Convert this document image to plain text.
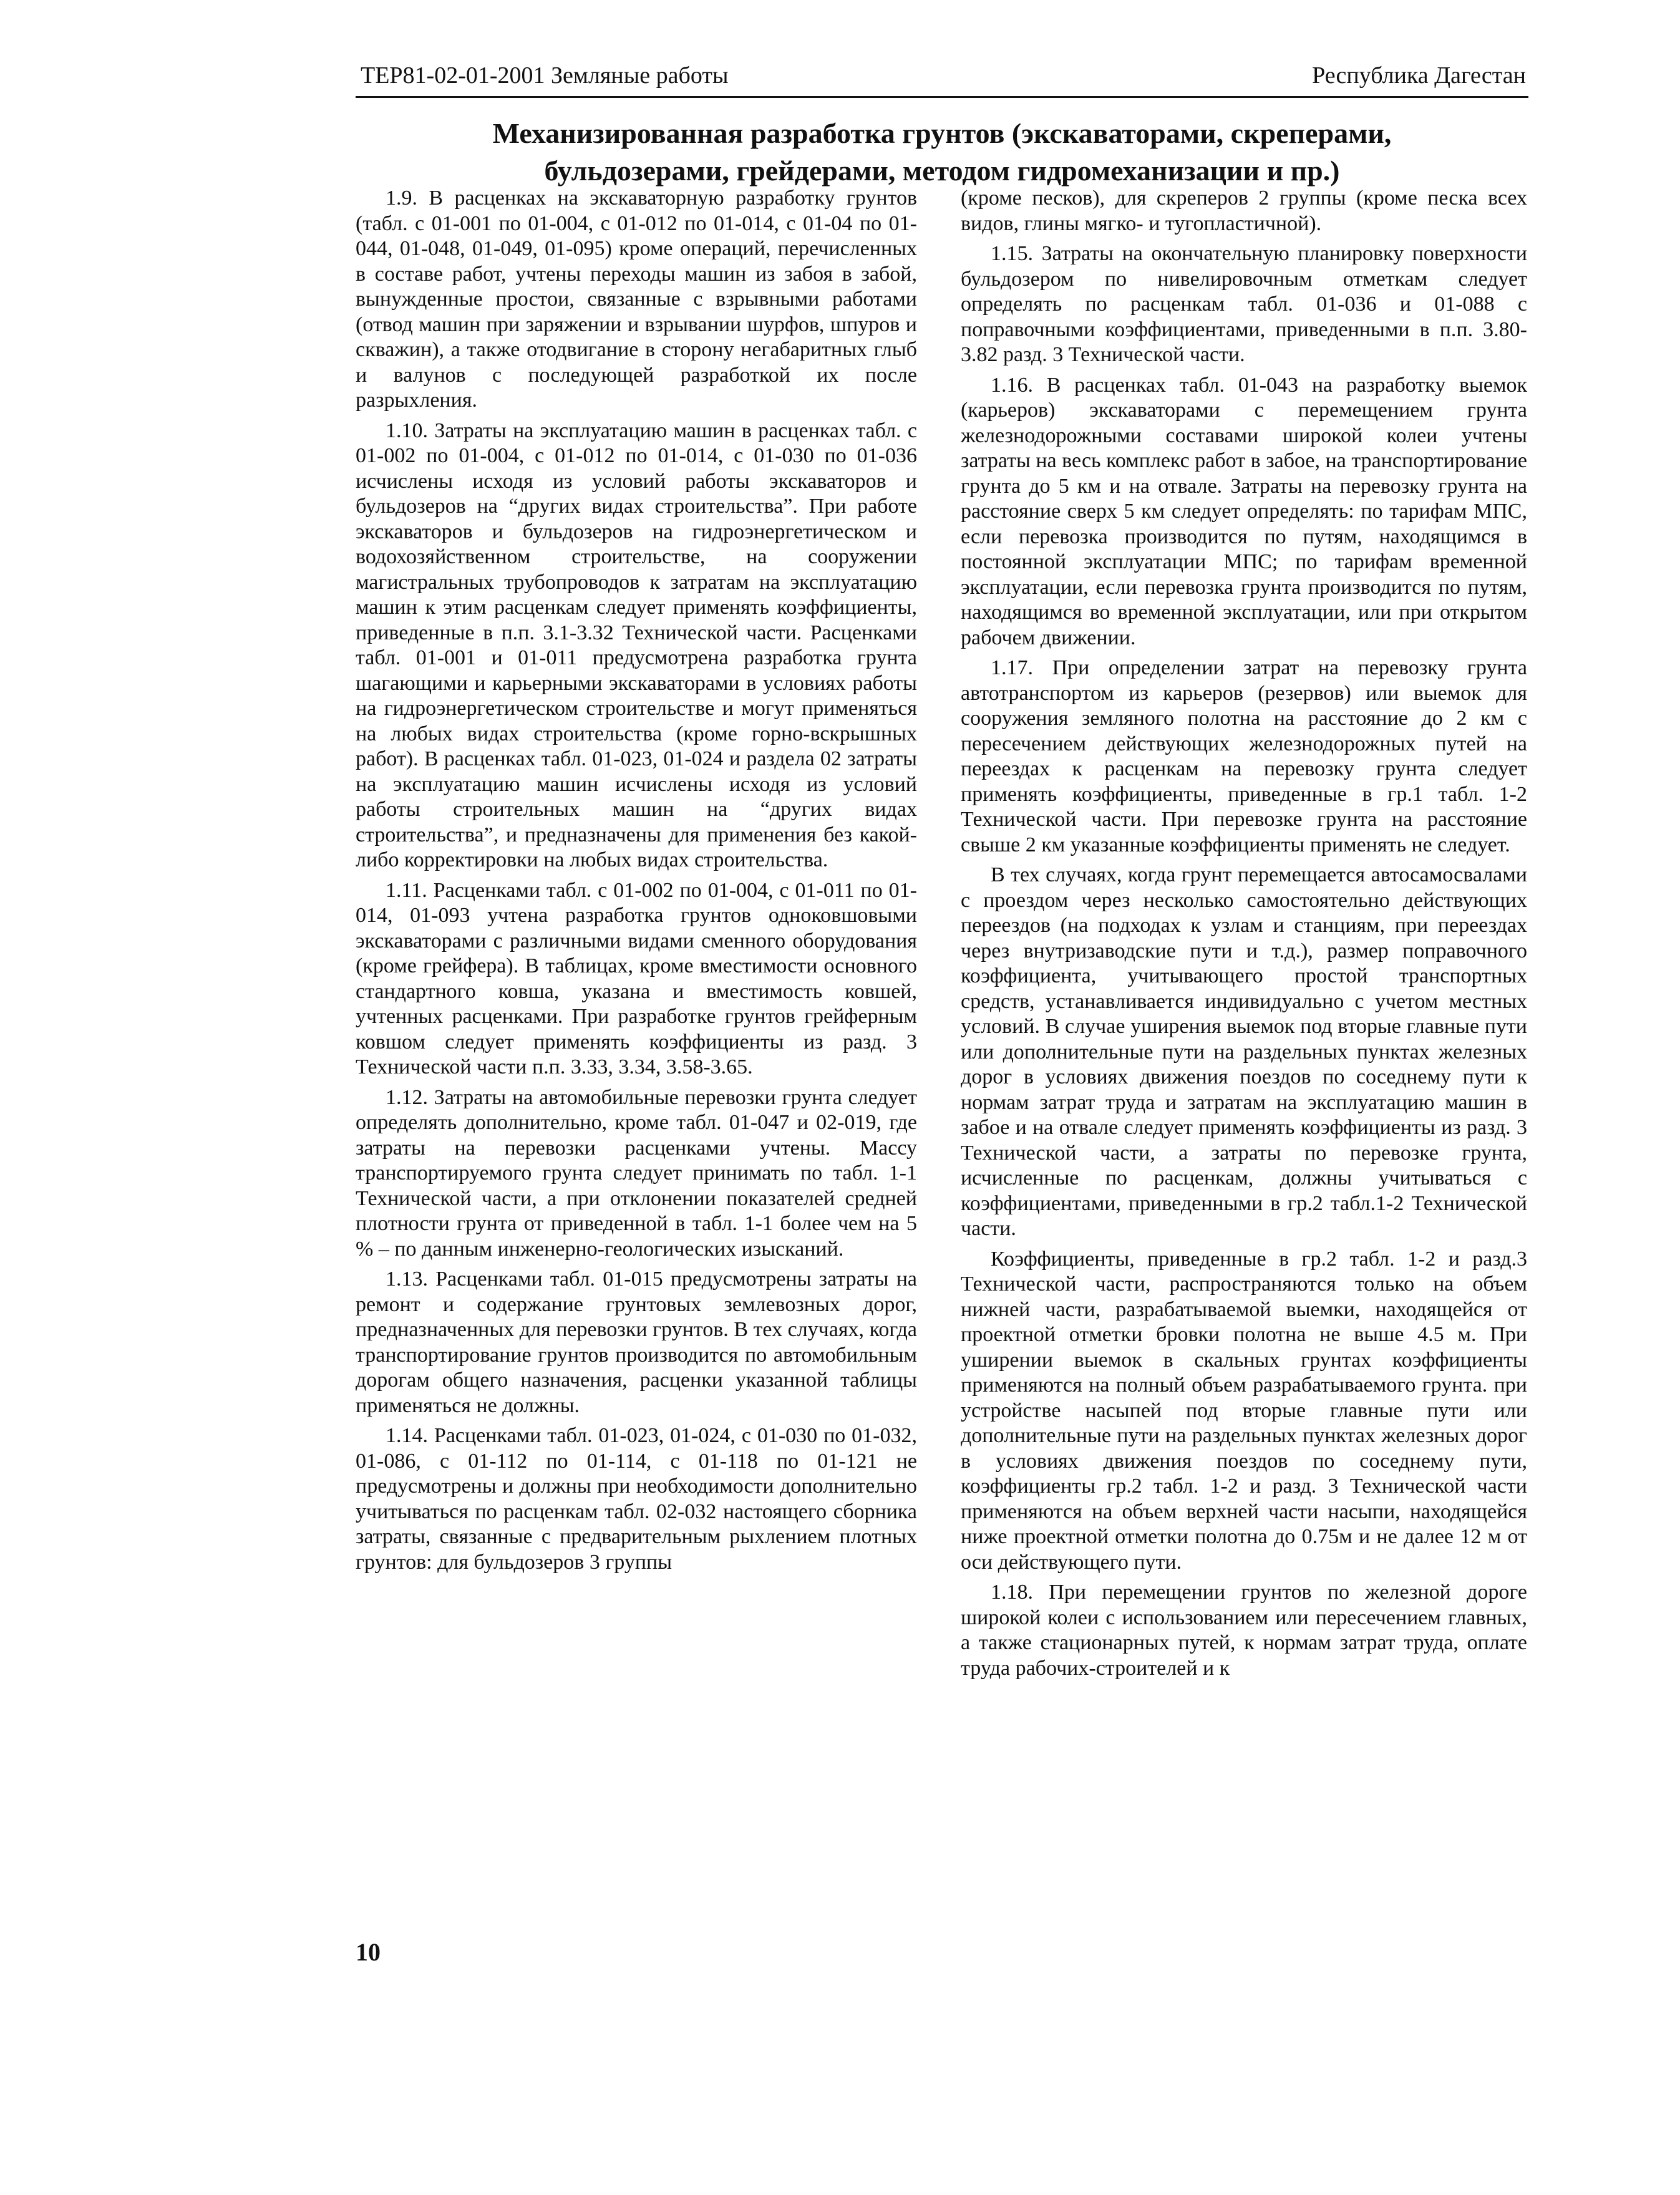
ТЕР81-02-01-2001 Земляные работы	Республика Дагестан
Механизированная разработка грунтов (экскаваторами, скреперами,
бульдозерами, грейдерами, методом гидромеханизации и пр.)

1.9. В расценках на экскаваторную разработку грунтов (табл. с 01-001 по 01-004, с 01-012 по 01-014, с 01-04 по 01-044, 01-048, 01-049, 01-095) кроме операций, перечисленных в составе работ, учтены переходы машин из забоя в забой, вынужденные простои, связанные с взрывными работами (отвод машин при заряжении и взрывании шурфов, шпуров и скважин), а также отодвигание в сторону негабаритных глыб и валунов с последующей разработкой их после разрыхления.

1.10. Затраты на эксплуатацию машин в расценках табл. с 01-002 по 01-004, с 01-012 по 01-014, с 01-030 по 01-036 исчислены исходя из условий работы экскаваторов и бульдозеров на “других видах строительства”. При работе экскаваторов и бульдозеров на гидроэнергетическом и водохозяйственном строительстве, на сооружении магистральных трубопроводов к затратам на эксплуатацию машин к этим расценкам следует применять коэффициенты, приведенные в п.п. 3.1-3.32 Технической части. Расценками табл. 01-001 и 01-011 предусмотрена разработка грунта шагающими и карьерными экскаваторами в условиях работы на гидроэнергетическом строительстве и могут применяться на любых видах строительства (кроме горно-вскрышных работ). В расценках табл. 01-023, 01-024 и раздела 02 затраты на эксплуатацию машин исчислены исходя из условий работы строительных машин на “других видах строительства”, и предназначены для применения без какой-либо корректировки на любых видах строительства.

1.11. Расценками табл. с 01-002 по 01-004, с 01-011 по 01-014, 01-093 учтена разработка грунтов одноковшовыми экскаваторами с различными видами сменного оборудования (кроме грейфера). В таблицах, кроме вместимости основного стандартного ковша, указана и вместимость ковшей, учтенных расценками. При разработке грунтов грейферным ковшом следует применять коэффициенты из разд. 3 Технической части п.п. 3.33, 3.34, 3.58-3.65.

1.12. Затраты на автомобильные перевозки грунта следует определять дополнительно, кроме табл. 01-047 и 02-019, где затраты на перевозки расценками учтены. Массу транспортируемого грунта следует принимать по табл. 1-1 Технической части, а при отклонении показателей средней плотности грунта от приведенной в табл. 1-1 более чем на 5 % – по данным инженерно-геологических изысканий.

1.13. Расценками табл. 01-015 предусмотрены затраты на ремонт и содержание грунтовых землевозных дорог, предназначенных для перевозки грунтов. В тех случаях, когда транспортирование грунтов производится по автомобильным дорогам общего назначения, расценки указанной таблицы применяться не должны.

1.14. Расценками табл. 01-023, 01-024, с 01-030 по 01-032, 01-086, с 01-112 по 01-114, с 01-118 по 01-121 не предусмотрены и должны при необходимости дополнительно учитываться по расценкам табл. 02-032 настоящего сборника затраты, связанные с предварительным рыхлением плотных грунтов: для бульдозеров 3 группы

(кроме песков), для скреперов 2 группы (кроме песка всех видов, глины мягко- и тугопластичной).

1.15. Затраты на окончательную планировку поверхности бульдозером по нивелировочным отметкам следует определять по расценкам табл. 01-036 и 01-088 с поправочными коэффициентами, приведенными в п.п. 3.80-3.82 разд. 3 Технической части.

1.16. В расценках табл. 01-043 на разработку выемок (карьеров) экскаваторами с перемещением грунта железнодорожными составами широкой колеи учтены затраты на весь комплекс работ в забое, на транспортирование грунта до 5 км и на отвале. Затраты на перевозку грунта на расстояние сверх 5 км следует определять: по тарифам МПС, если перевозка производится по путям, находящимся в постоянной эксплуатации МПС; по тарифам временной эксплуатации, если перевозка грунта производится по путям, находящимся во временной эксплуатации, или при открытом рабочем движении.

1.17. При определении затрат на перевозку грунта автотранспортом из карьеров (резервов) или выемок для сооружения земляного полотна на расстояние до 2 км с пересечением действующих железнодорожных путей на переездах к расценкам на перевозку грунта следует применять коэффициенты, приведенные в гр.1 табл. 1-2 Технической части. При перевозке грунта на расстояние свыше 2 км указанные коэффициенты применять не следует.

В тех случаях, когда грунт перемещается автосамосвалами с проездом через несколько самостоятельно действующих переездов (на подходах к узлам и станциям, при переездах через внутризаводские пути и т.д.), размер поправочного коэффициента, учитывающего простой транспортных средств, устанавливается индивидуально с учетом местных условий. В случае уширения выемок под вторые главные пути или дополнительные пути на раздельных пунктах железных дорог в условиях движения поездов по соседнему пути к нормам затрат труда и затратам на эксплуатацию машин в забое и на отвале следует применять коэффициенты из разд. 3 Технической части, а затраты по перевозке грунта, исчисленные по расценкам, должны учитываться с коэффициентами, приведенными в гр.2 табл.1-2 Технической части.

Коэффициенты, приведенные в гр.2 табл. 1-2 и разд.3 Технической части, распространяются только на объем нижней части, разрабатываемой выемки, находящейся от проектной отметки бровки полотна не выше 4.5 м. При уширении выемок в скальных грунтах коэффициенты применяются на полный объем разрабатываемого грунта. при устройстве насыпей под вторые главные пути или дополнительные пути на раздельных пунктах железных дорог в условиях движения поездов по соседнему пути, коэффициенты гр.2 табл. 1-2 и разд. 3 Технической части применяются на объем верхней части насыпи, находящейся ниже проектной отметки полотна до 0.75м и не далее 12 м от оси действующего пути.

1.18. При перемещении грунтов по железной дороге широкой колеи с использованием или пересечением главных, а также стационарных путей, к нормам затрат труда, оплате труда рабочих-строителей и к

10
